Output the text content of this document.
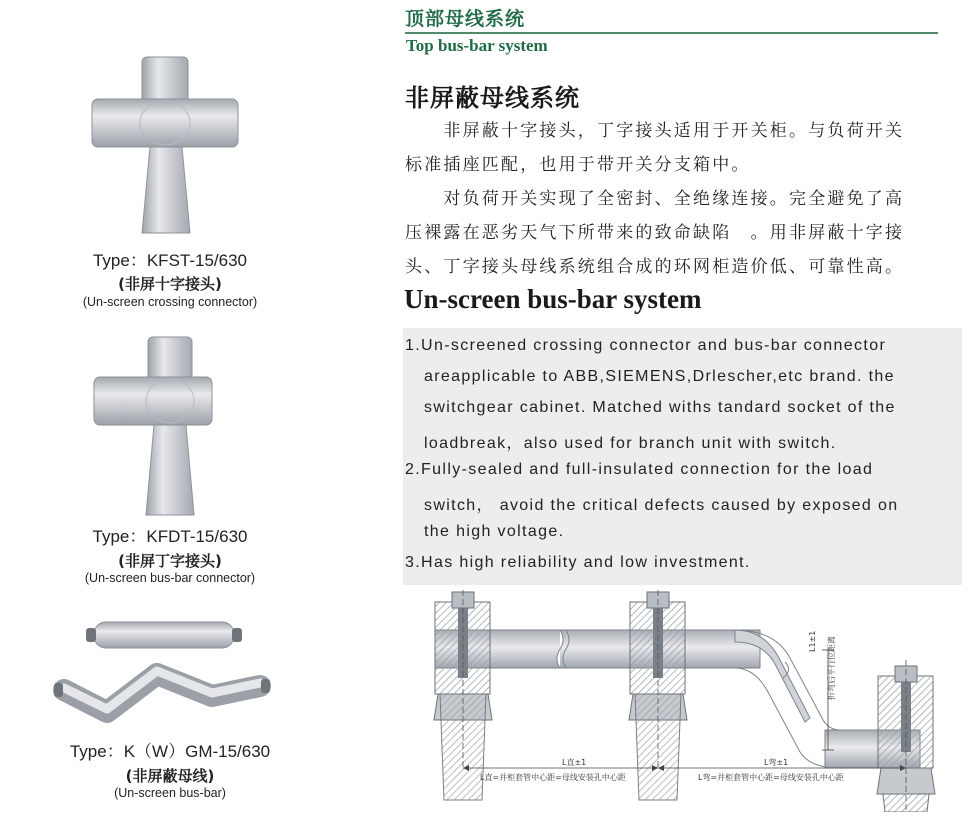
Type：KFST-15/630
(非屏十字接头)
(Un-screen crossing connector)
Type：KFDT-15/630
(非屏丁字接头)
(Un-screen bus-bar connector)
Type：K（W）GM-15/630
(非屏蔽母线)
(Un-screen bus-bar)
顶部母线系统
Top bus-bar system
非屏蔽母线系统
　　非屏蔽十字接头，丁字接头适用于开关柜。与负荷开关
标准插座匹配，也用于带开关分支箱中。
　　对负荷开关实现了全密封、全绝缘连接。完全避免了高
压裸露在恶劣天气下所带来的致命缺陷　。用非屏蔽十字接
头、丁字接头母线系统组合成的环网柜造价低、可靠性高。
Un-screen bus-bar system
1.Un-screened crossing connector and bus-bar connector
areapplicable to ABB,SIEMENS,Drlescher,etc brand. the
switchgear cabinet. Matched withs tandard socket of the
loadbreak，also used for branch unit with switch.
2.Fully-sealed and full-insulated connection for the load
switch， avoid the critical defects caused by exposed on
the high voltage.
3.Has high reliability and low investment.
L直±1
L直=并柜套管中心距=母线安装孔中心距
L弯±1
L弯=并柜套管中心距=母线安装孔中心距
L1±1 折弯后平行位距离
